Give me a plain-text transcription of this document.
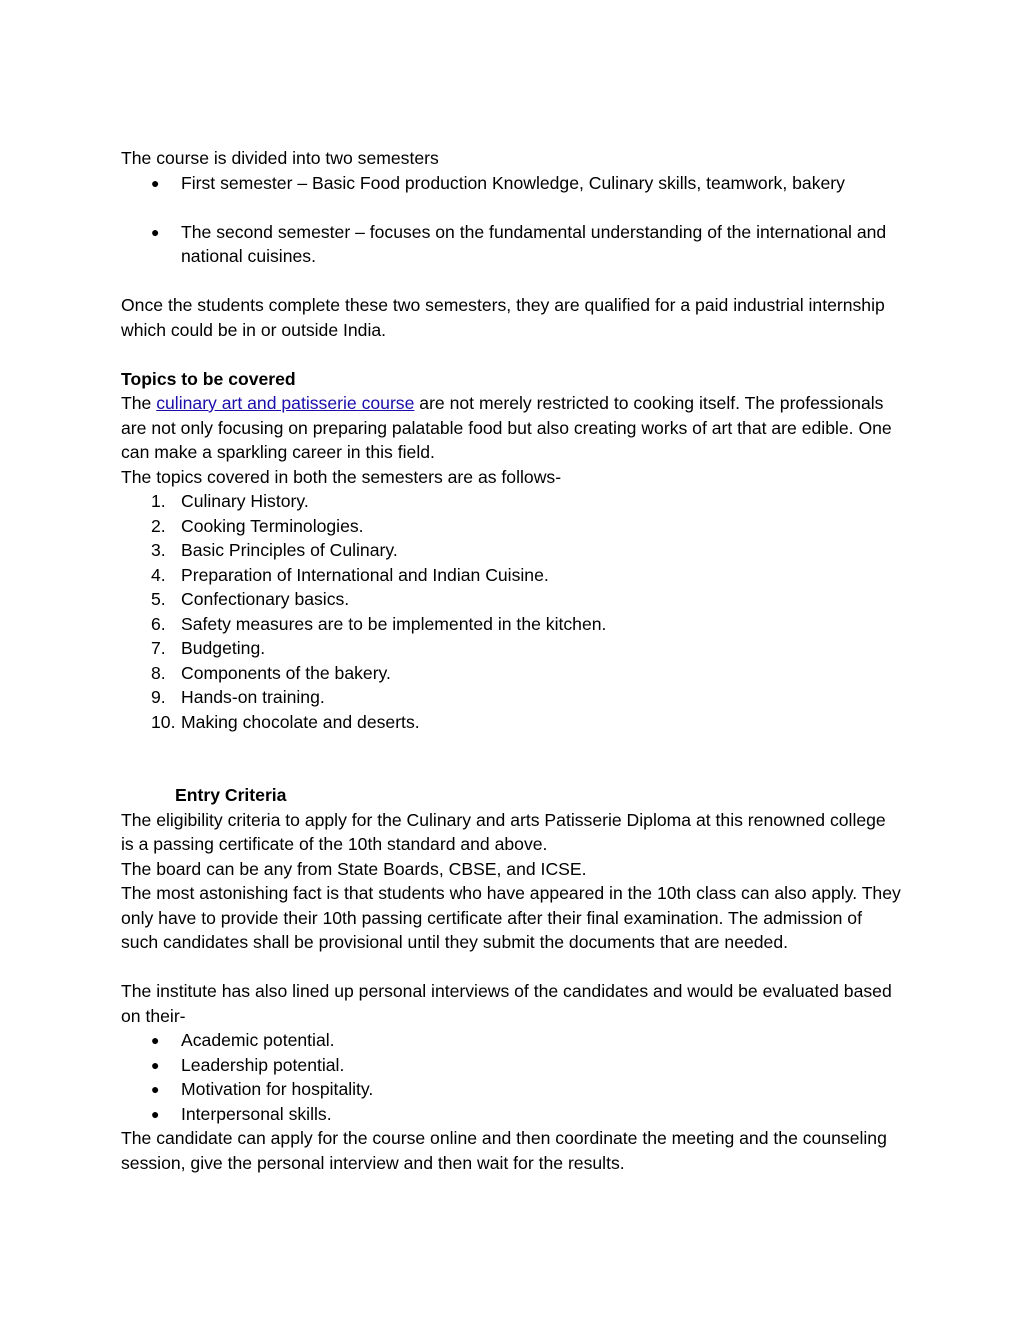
The course is divided into two semesters

●	First semester – Basic Food production Knowledge, Culinary skills, teamwork, bakery
●	The second semester – focuses on the fundamental understanding of the international and national cuisines.

Once the students complete these two semesters, they are qualified for a paid industrial internship which could be in or outside India.

Topics to be covered

The culinary art and patisserie course are not merely restricted to cooking itself. The professionals are not only focusing on preparing palatable food but also creating works of art that are edible. One can make a sparkling career in this field.

The topics covered in both the semesters are as follows-

1. Culinary History.
2. Cooking Terminologies.
3. Basic Principles of Culinary.
4. Preparation of International and Indian Cuisine.
5. Confectionary basics.
6. Safety measures are to be implemented in the kitchen.
7. Budgeting.
8. Components of the bakery.
9. Hands-on training.
10. Making chocolate and deserts.

Entry Criteria

The eligibility criteria to apply for the Culinary and arts Patisserie Diploma at this renowned college is a passing certificate of the 10th standard and above.

The board can be any from State Boards, CBSE, and ICSE.

The most astonishing fact is that students who have appeared in the 10th class can also apply. They only have to provide their 10th passing certificate after their final examination. The admission of such candidates shall be provisional until they submit the documents that are needed.

The institute has also lined up personal interviews of the candidates and would be evaluated based on their-

●	Academic potential.
●	Leadership potential.
●	Motivation for hospitality.
●	Interpersonal skills.

The candidate can apply for the course online and then coordinate the meeting and the counseling session, give the personal interview and then wait for the results.
